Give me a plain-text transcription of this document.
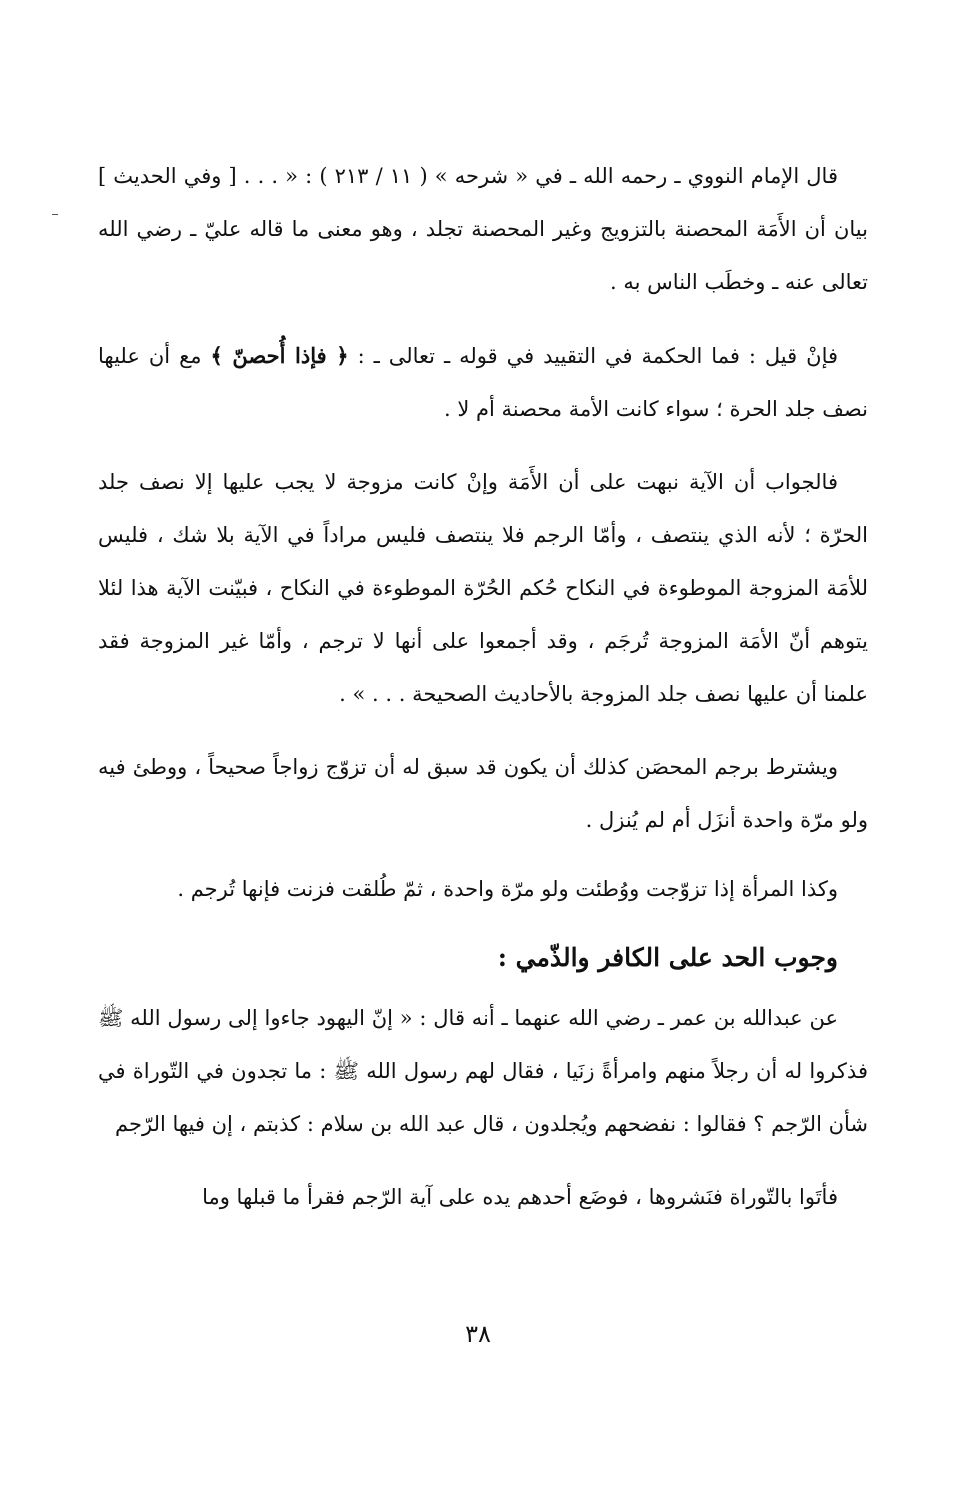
قال الإمام النووي ـ رحمه الله ـ في « شرحه » ( ١١ / ٢١٣ ) : « . . . [ وفي الحديث ] بيان أن الأَمَة المحصنة بالتزويج وغير المحصنة تجلد ، وهو معنى ما قاله عليّ ـ رضي الله تعالى عنه ـ وخطَب الناس به .

فإنْ قيل : فما الحكمة في التقييد في قوله ـ تعالى ـ : ﴿ فإذا أُحصنّ ﴾ مع أن عليها نصف جلد الحرة ؛ سواء كانت الأمة محصنة أم لا .

فالجواب أن الآية نبهت على أن الأَمَة وإنْ كانت مزوجة لا يجب عليها إلا نصف جلد الحرّة ؛ لأنه الذي ينتصف ، وأمّا الرجم فلا ينتصف فليس مراداً في الآية بلا شك ، فليس للأمَة المزوجة الموطوءة في النكاح حُكم الحُرّة الموطوءة في النكاح ، فبيّنت الآية هذا لئلا يتوهم أنّ الأمَة المزوجة تُرجَم ، وقد أجمعوا على أنها لا ترجم ، وأمّا غير المزوجة فقد علمنا أن عليها نصف جلد المزوجة بالأحاديث الصحيحة . . . » .

ويشترط برجم المحصَن كذلك أن يكون قد سبق له أن تزوّج زواجاً صحيحاً ، ووطئ فيه ولو مرّة واحدة أنزَل أم لم يُنزل .

وكذا المرأة إذا تزوّجت ووُطئت ولو مرّة واحدة ، ثمّ طُلقت فزنت فإنها تُرجم .

وجوب الحد على الكافر والذّمي :

عن عبدالله بن عمر ـ رضي الله عنهما ـ أنه قال : « إنّ اليهود جاءوا إلى رسول الله ﷺ فذكروا له أن رجلاً منهم وامرأةً زنَيا ، فقال لهم رسول الله ﷺ : ما تجدون في التّوراة في شأن الرّجم ؟ فقالوا : نفضحهم ويُجلدون ، قال عبد الله بن سلام : كذبتم ، إن فيها الرّجم

فأتَوا بالتّوراة فنَشروها ، فوضَع أحدهم يده على آية الرّجم فقرأ ما قبلها وما

٣٨
